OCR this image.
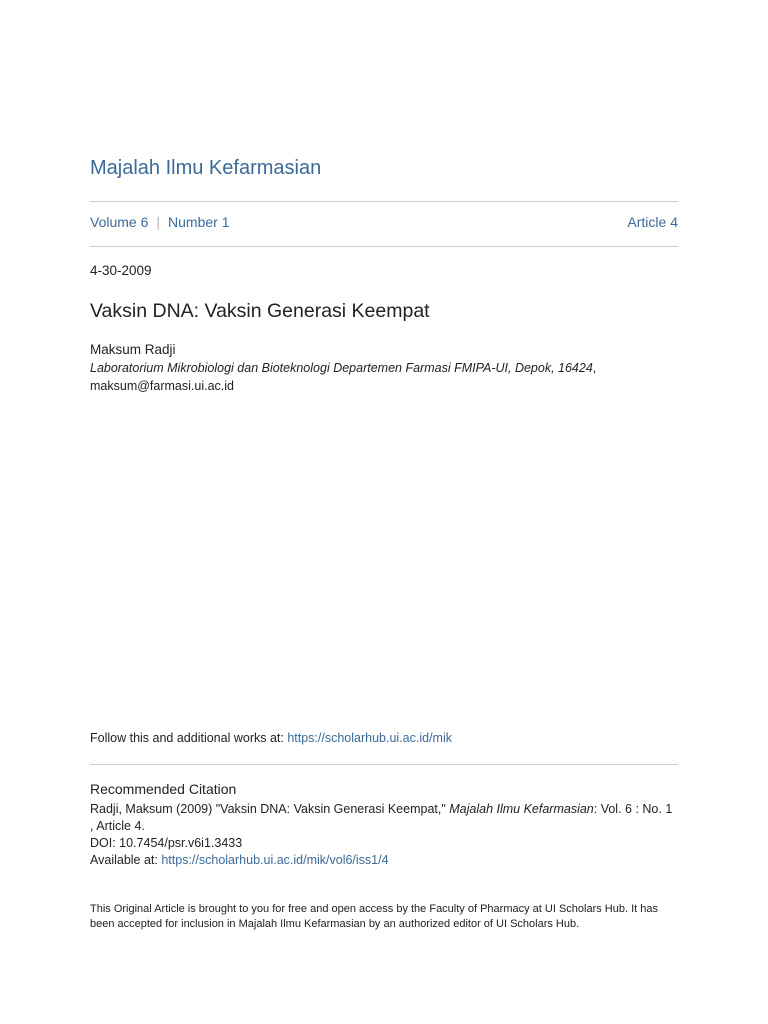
Majalah Ilmu Kefarmasian
Volume 6 | Number 1	Article 4
4-30-2009
Vaksin DNA: Vaksin Generasi Keempat
Maksum Radji
Laboratorium Mikrobiologi dan Bioteknologi Departemen Farmasi FMIPA-UI, Depok, 16424,
maksum@farmasi.ui.ac.id
Follow this and additional works at: https://scholarhub.ui.ac.id/mik
Recommended Citation
Radji, Maksum (2009) "Vaksin DNA: Vaksin Generasi Keempat," Majalah Ilmu Kefarmasian: Vol. 6 : No. 1 , Article 4.
DOI: 10.7454/psr.v6i1.3433
Available at: https://scholarhub.ui.ac.id/mik/vol6/iss1/4
This Original Article is brought to you for free and open access by the Faculty of Pharmacy at UI Scholars Hub. It has been accepted for inclusion in Majalah Ilmu Kefarmasian by an authorized editor of UI Scholars Hub.
